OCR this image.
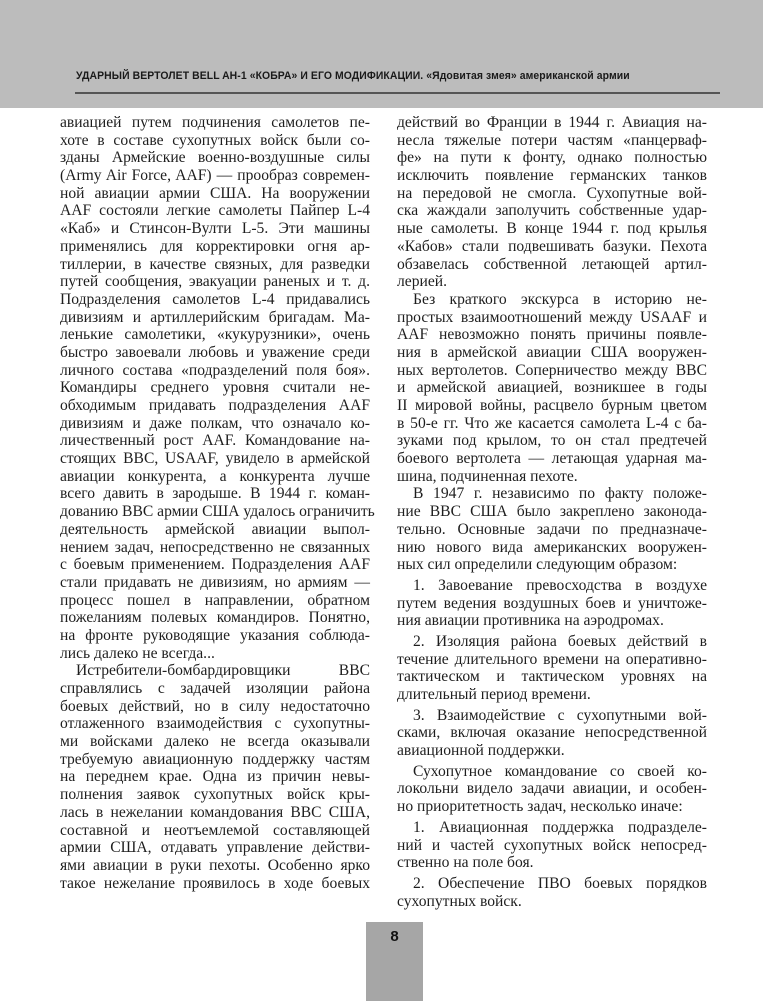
УДАРНЫЙ ВЕРТОЛЕТ BELL AH-1 «КОБРА» И ЕГО МОДИФИКАЦИИ. «Ядовитая змея» американской армии
авиацией путем подчинения самолетов пе-
хоте в составе сухопутных войск были со-
зданы Армейские военно-воздушные силы
(Army Air Force, AAF) — прообраз современ-
ной авиации армии США. На вооружении
AAF состояли легкие самолеты Пайпер L-4
«Каб» и Стинсон-Вулти L-5. Эти машины
применялись для корректировки огня ар-
тиллерии, в качестве связных, для разведки
путей сообщения, эвакуации раненых и т. д.
Подразделения самолетов L-4 придавались
дивизиям и артиллерийским бригадам. Ма-
ленькие самолетики, «кукурузники», очень
быстро завоевали любовь и уважение среди
личного состава «подразделений поля боя».
Командиры среднего уровня считали не-
обходимым придавать подразделения AAF
дивизиям и даже полкам, что означало ко-
личественный рост AAF. Командование на-
стоящих ВВС, USAAF, увидело в армейской
авиации конкурента, а конкурента лучше
всего давить в зародыше. В 1944 г. коман-
дованию ВВС армии США удалось ограничить
деятельность армейской авиации выпол-
нением задач, непосредственно не связанных
с боевым применением. Подразделения AAF
стали придавать не дивизиям, но армиям —
процесс пошел в направлении, обратном
пожеланиям полевых командиров. Понятно,
на фронте руководящие указания соблюда-
лись далеко не всегда...
Истребители-бомбардировщики ВВС
справлялись с задачей изоляции района
боевых действий, но в силу недостаточно
отлаженного взаимодействия с сухопутны-
ми войсками далеко не всегда оказывали
требуемую авиационную поддержку частям
на переднем крае. Одна из причин невы-
полнения заявок сухопутных войск кры-
лась в нежелании командования ВВС США,
составной и неотъемлемой составляющей
армии США, отдавать управление действи-
ями авиации в руки пехоты. Особенно ярко
такое нежелание проявилось в ходе боевых
действий во Франции в 1944 г. Авиация на-
несла тяжелые потери частям «панцерваф-
фе» на пути к фонту, однако полностью
исключить появление германских танков
на передовой не смогла. Сухопутные вой-
ска жаждали заполучить собственные удар-
ные самолеты. В конце 1944 г. под крылья
«Кабов» стали подвешивать базуки. Пехота
обзавелась собственной летающей артил-
лерией.
Без краткого экскурса в историю не-
простых взаимоотношений между USAAF и
AAF невозможно понять причины появле-
ния в армейской авиации США вооружен-
ных вертолетов. Соперничество между ВВС
и армейской авиацией, возникшее в годы
II мировой войны, расцвело бурным цветом
в 50-е гг. Что же касается самолета L-4 с ба-
зуками под крылом, то он стал предтечей
боевого вертолета — летающая ударная ма-
шина, подчиненная пехоте.
В 1947 г. независимо по факту положе-
ние ВВС США было закреплено законода-
тельно. Основные задачи по предназначе-
нию нового вида американских вооружен-
ных сил определили следующим образом:
1. Завоевание превосходства в воздухе
путем ведения воздушных боев и уничтоже-
ния авиации противника на аэродромах.
2. Изоляция района боевых действий в
течение длительного времени на оперативно-
тактическом и тактическом уровнях на
длительный период времени.
3. Взаимодействие с сухопутными вой-
сками, включая оказание непосредственной
авиационной поддержки.
Сухопутное командование со своей ко-
локольни видело задачи авиации, и особен-
но приоритетность задач, несколько иначе:
1. Авиационная поддержка подразделе-
ний и частей сухопутных войск непосред-
ственно на поле боя.
2. Обеспечение ПВО боевых порядков
сухопутных войск.
8
